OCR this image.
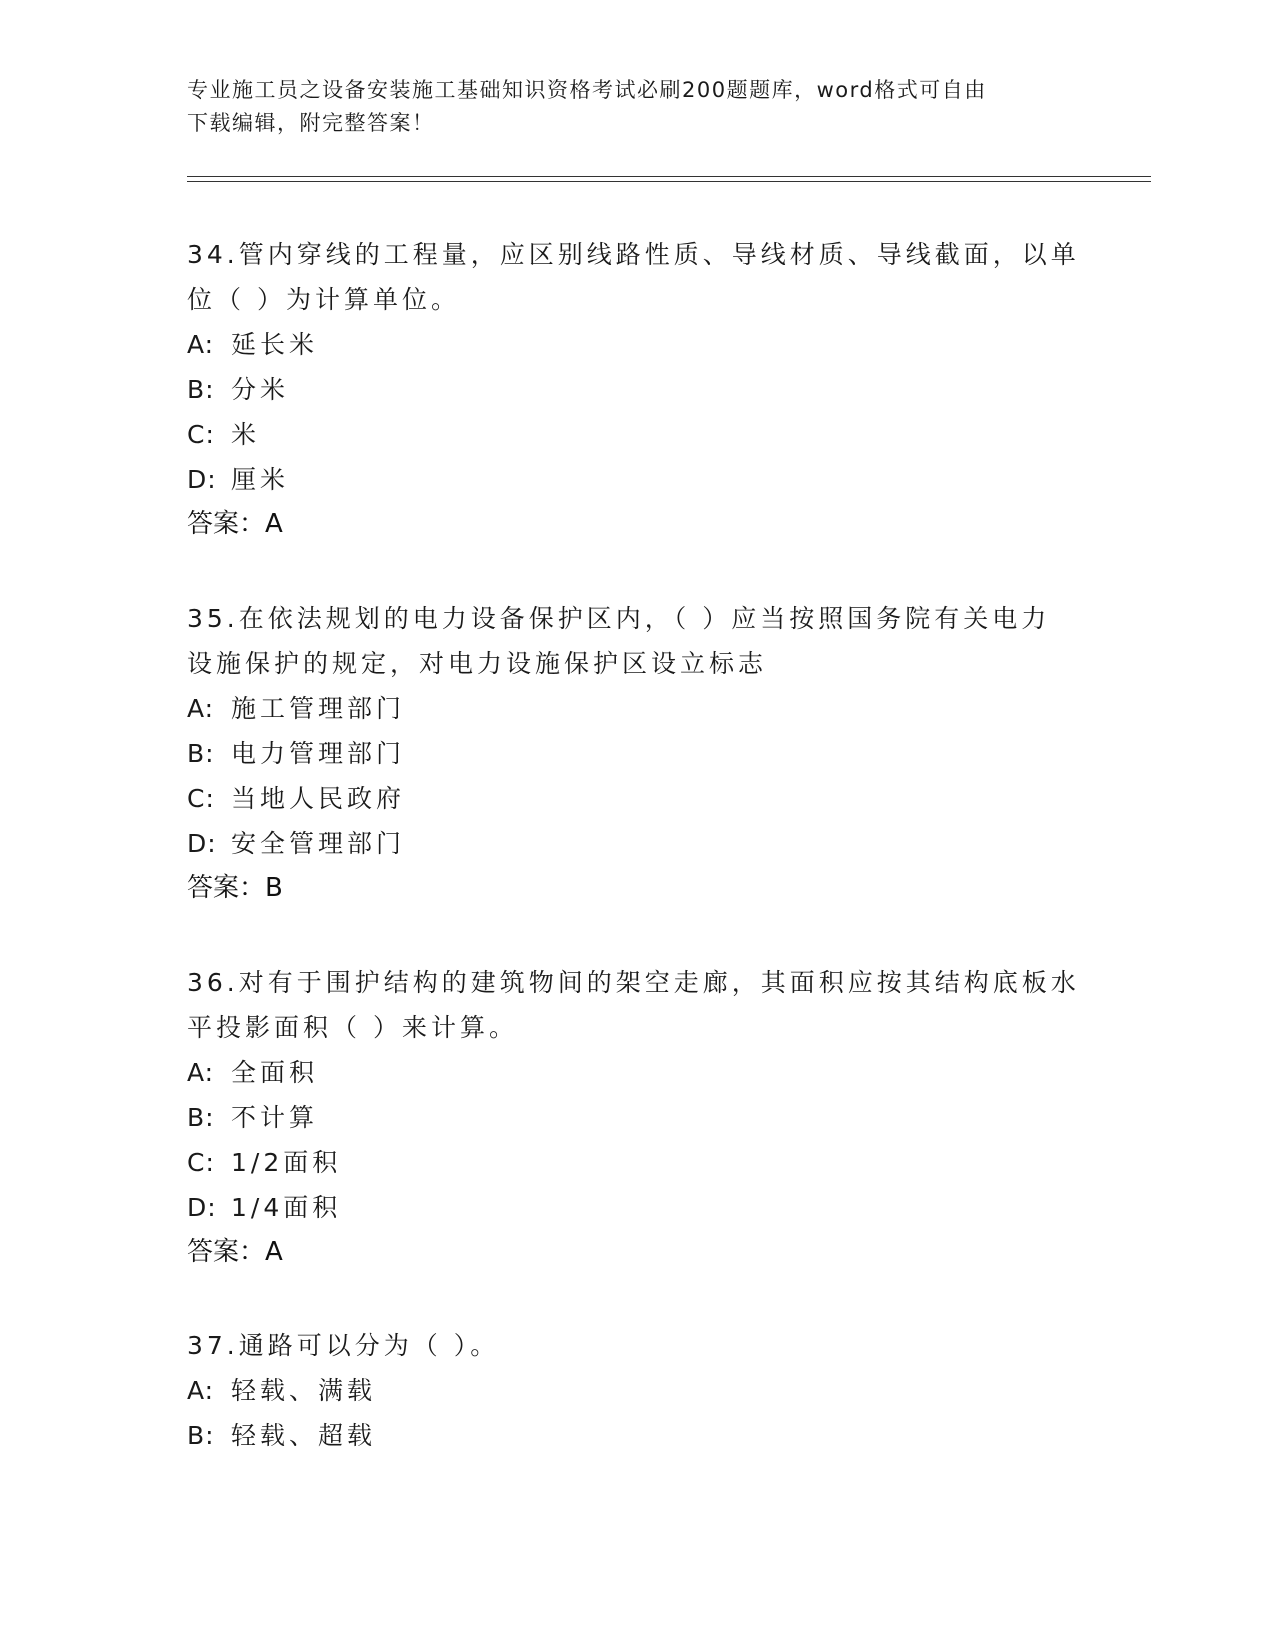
专业施工员之设备安装施工基础知识资格考试必刷200题题库，word格式可自由
下载编辑，附完整答案！

34.管内穿线的工程量，应区别线路性质、导线材质、导线截面，以单

位（ ）为计算单位。

A: 延长米

B: 分米

C: 米

D: 厘米

答案：A

35.在依法规划的电力设备保护区内，（ ）应当按照国务院有关电力

设施保护的规定，对电力设施保护区设立标志

A: 施工管理部门

B: 电力管理部门

C: 当地人民政府

D: 安全管理部门

答案：B

36.对有于围护结构的建筑物间的架空走廊，其面积应按其结构底板水

平投影面积（ ）来计算。

A: 全面积

B: 不计算

C: 1/2面积

D: 1/4面积

答案：A

37.通路可以分为（ ）。

A: 轻载、满载

B: 轻载、超载
